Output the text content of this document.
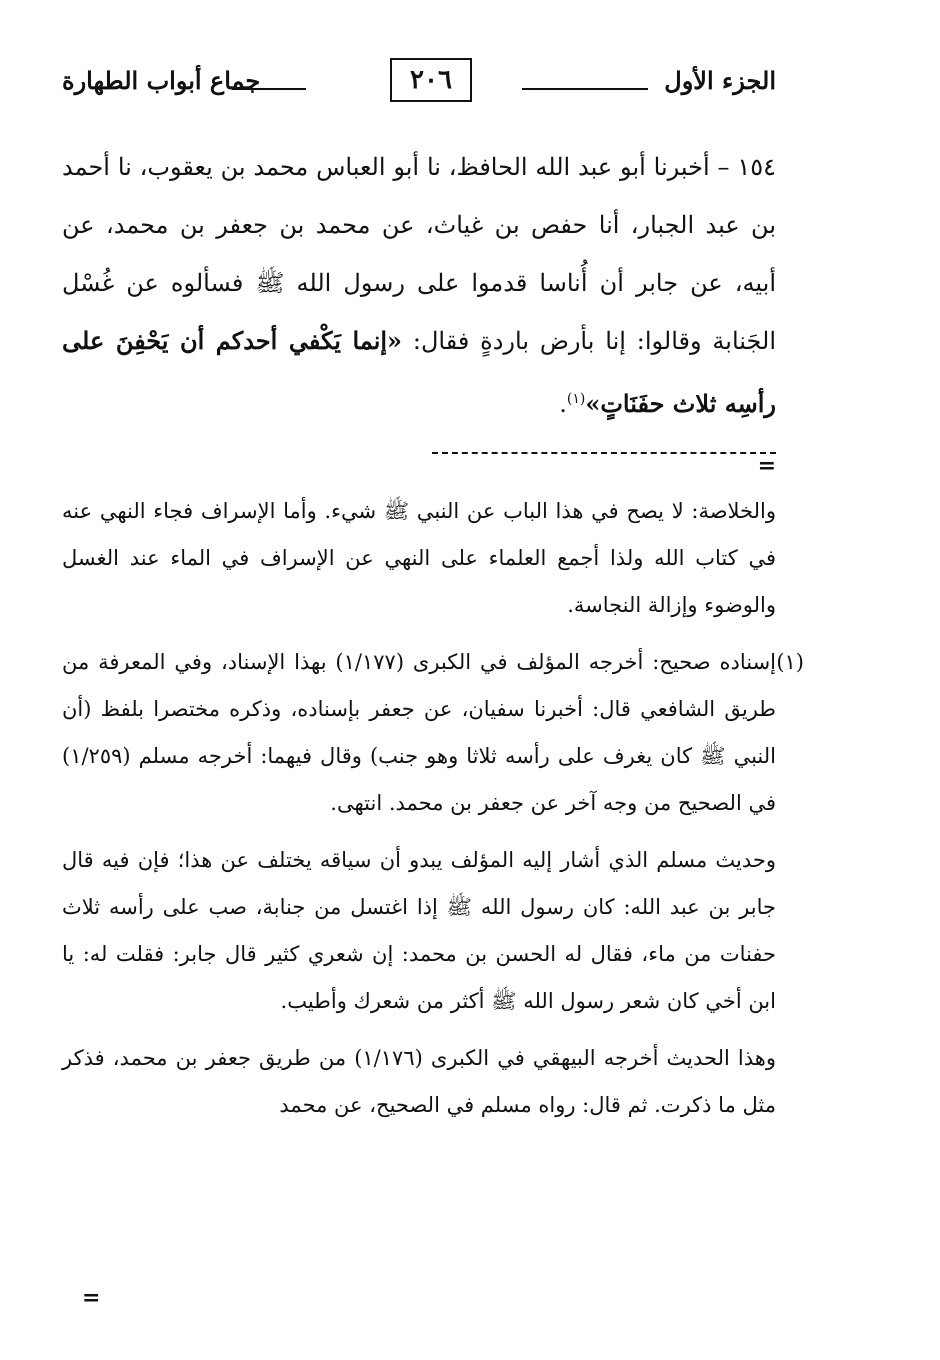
الجزء الأول
٢٠٦
جماع أبواب الطهارة

١٥٤ – أخبرنا أبو عبد الله الحافظ، نا أبو العباس محمد بن يعقوب، نا أحمد بن عبد الجبار، أنا حفص بن غياث، عن محمد بن جعفر بن محمد، عن أبيه، عن جابر أن أُناسا قدموا على رسول الله ﷺ فسألوه عن غُسْل الجَنابة وقالوا: إنا بأرض باردةٍ فقال: «إنما يَكْفي أحدكم أن يَحْفِنَ على رأسِه ثلاث حفَنَاتٍ»$^{(١)}$.

=

والخلاصة: لا يصح في هذا الباب عن النبي ﷺ شيء. وأما الإسراف فجاء النهي عنه في كتاب الله ولذا أجمع العلماء على النهي عن الإسراف في الماء عند الغسل والوضوء وإزالة النجاسة.

(١)
إسناده صحيح: أخرجه المؤلف في الكبرى (١/١٧٧) بهذا الإسناد، وفي المعرفة من طريق الشافعي قال: أخبرنا سفيان، عن جعفر بإسناده، وذكره مختصرا بلفظ (أن النبي ﷺ كان يغرف على رأسه ثلاثا وهو جنب) وقال فيهما: أخرجه مسلم (١/٢٥٩) في الصحيح من وجه آخر عن جعفر بن محمد. انتهى.

وحديث مسلم الذي أشار إليه المؤلف يبدو أن سياقه يختلف عن هذا؛ فإن فيه قال جابر بن عبد الله: كان رسول الله ﷺ إذا اغتسل من جنابة، صب على رأسه ثلاث حفنات من ماء، فقال له الحسن بن محمد: إن شعري كثير قال جابر: فقلت له: يا ابن أخي كان شعر رسول الله ﷺ أكثر من شعرك وأطيب.

وهذا الحديث أخرجه البيهقي في الكبرى (١/١٧٦) من طريق جعفر بن محمد، فذكر مثل ما ذكرت. ثم قال: رواه مسلم في الصحيح، عن محمد

=
